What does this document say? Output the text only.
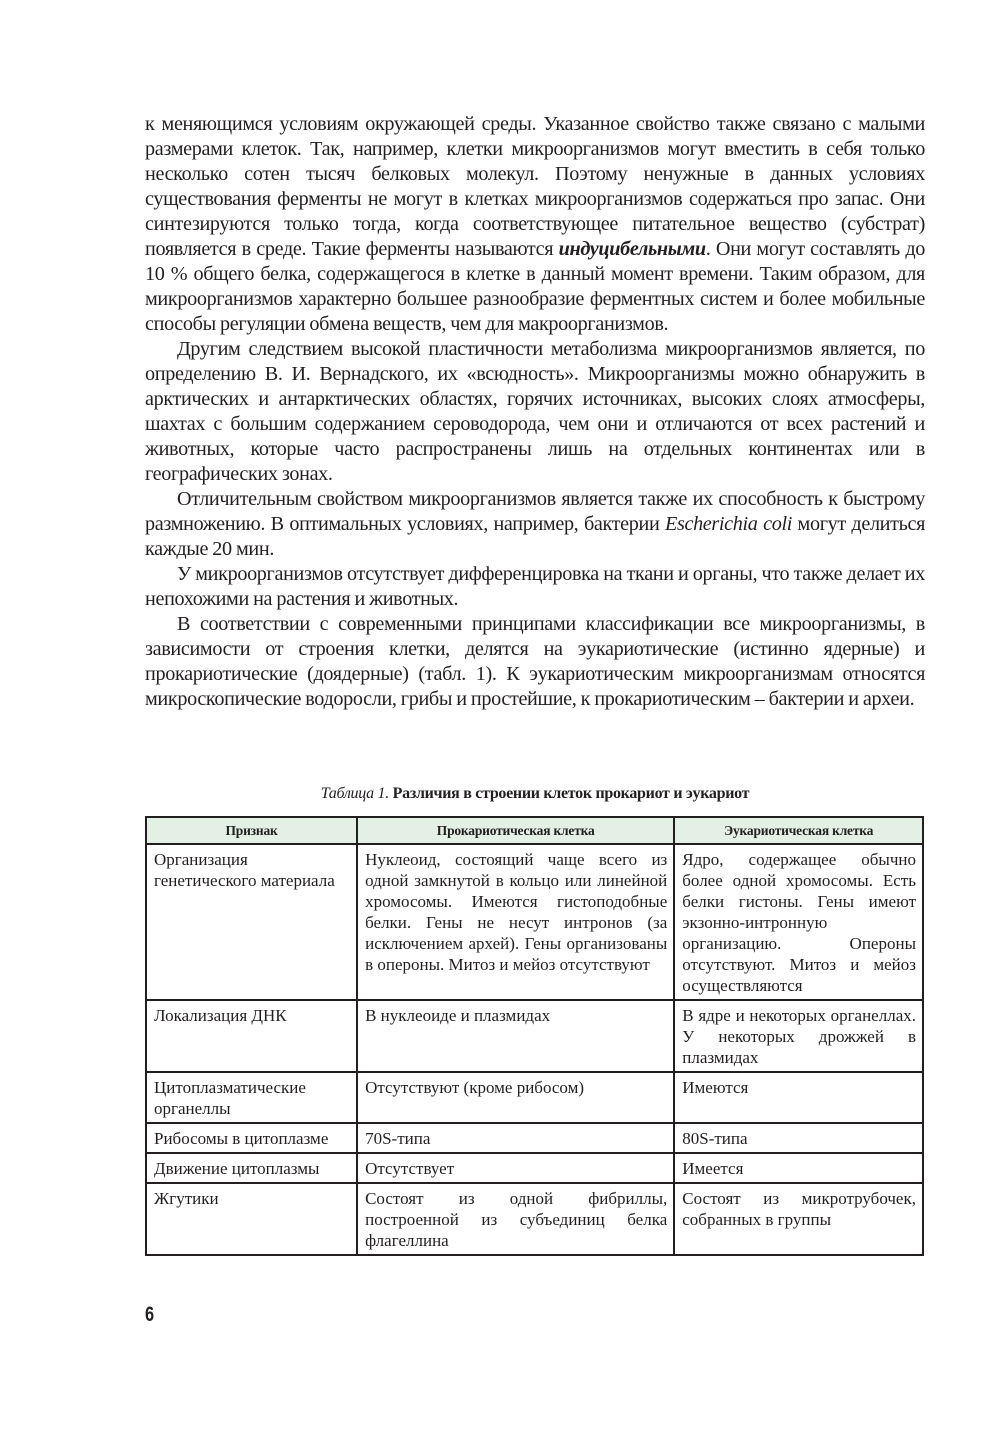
к меняющимся условиям окружающей среды. Указанное свойство также связано с малыми размерами клеток. Так, например, клетки микроорганизмов могут вместить в себя только несколько сотен тысяч белковых молекул. Поэтому ненужные в данных условиях существования ферменты не могут в клетках микроорганизмов содержаться про запас. Они синтезируются только тогда, когда соответствующее питательное вещество (субстрат) появляется в среде. Такие ферменты называются индуцибельными. Они могут составлять до 10 % общего белка, содержащегося в клетке в данный момент времени. Таким образом, для микроорганизмов характерно большее разнообразие ферментных систем и более мобильные способы регуляции обмена веществ, чем для макроорганизмов.

Другим следствием высокой пластичности метаболизма микроорганизмов является, по определению В. И. Вернадского, их «всюдность». Микроорганизмы можно обнаружить в арктических и антарктических областях, горячих источниках, высоких слоях атмосферы, шахтах с большим содержанием сероводорода, чем они и отличаются от всех растений и животных, которые часто распространены лишь на отдельных континентах или в географических зонах.

Отличительным свойством микроорганизмов является также их способность к быстрому размножению. В оптимальных условиях, например, бактерии Escherichia coli могут делиться каждые 20 мин.

У микроорганизмов отсутствует дифференцировка на ткани и органы, что также делает их непохожими на растения и животных.

В соответствии с современными принципами классификации все микроорганизмы, в зависимости от строения клетки, делятся на эукариотические (истинно ядерные) и прокариотические (доядерные) (табл. 1). К эукариотическим микроорганизмам относятся микроскопические водоросли, грибы и простейшие, к прокариотическим – бактерии и археи.

Таблица 1. Различия в строении клеток прокариот и эукариот
Признак	Прокариотическая клетка	Эукариотическая клетка
Организация генетического материала	Нуклеоид, состоящий чаще всего из одной замкнутой в кольцо или линейной хромосомы. Имеются гистоподобные белки. Гены не несут интронов (за исключением архей). Гены организованы в опероны. Митоз и мейоз отсутствуют	Ядро, содержащее обычно более одной хромосомы. Есть белки гистоны. Гены имеют экзонно-интронную организацию. Опероны отсутствуют. Митоз и мейоз осуществляются
Локализация ДНК	В нуклеоиде и плазмидах	В ядре и некоторых органеллах. У некоторых дрожжей в плазмидах
Цитоплазматические органеллы	Отсутствуют (кроме рибосом)	Имеются
Рибосомы в цитоплазме	70S-типа	80S-типа
Движение цитоплазмы	Отсутствует	Имеется
Жгутики	Состоят из одной фибриллы, построенной из субъединиц белка флагеллина	Состоят из микротрубочек, собранных в группы
6
